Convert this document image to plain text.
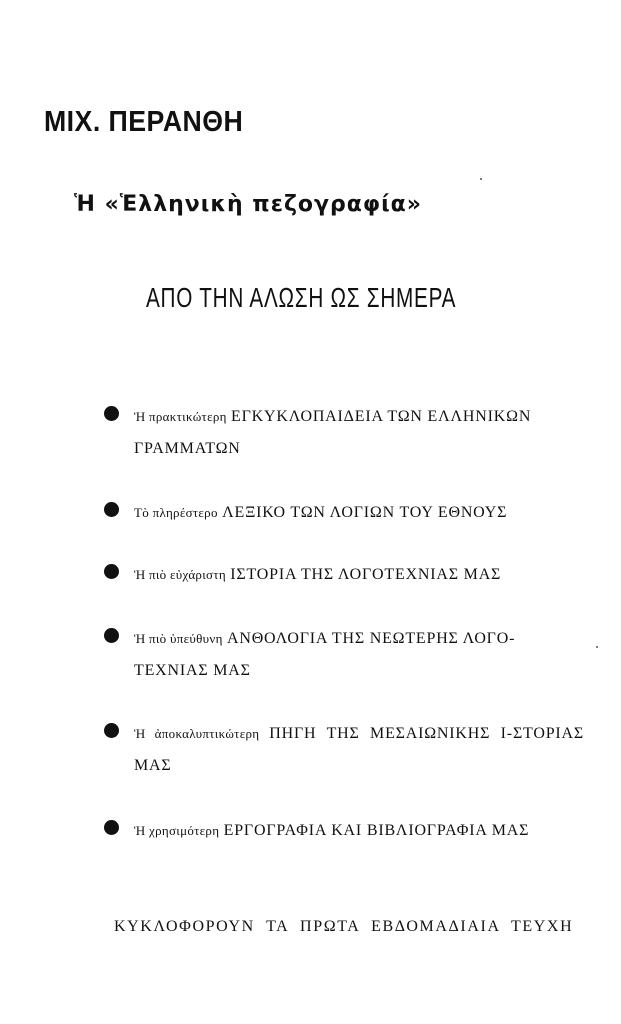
ΜΙΧ. ΠΕΡΑΝΘΗ
Ἡ «Ἑλληνικὴ πεζογραφία»
ΑΠΟ ΤΗΝ ΑΛΩΣΗ ΩΣ ΣΗΜΕΡΑ
Ἡ πρακτικώτερη ΕΓΚΥΚΛΟΠΑΙΔΕΙΑ ΤΩΝ ΕΛΛΗΝΙΚΩΝ ΓΡΑΜΜΑΤΩΝ
Τὸ πληρέστερο ΛΕΞΙΚΟ ΤΩΝ ΛΟΓΙΩΝ ΤΟΥ ΕΘΝΟΥΣ
Ἡ πιὸ εὐχάριστη ΙΣΤΟΡΙΑ ΤΗΣ ΛΟΓΟΤΕΧΝΙΑΣ ΜΑΣ
Ἡ πιὸ ὑπεύθυνη ΑΝΘΟΛΟΓΙΑ ΤΗΣ ΝΕΩΤΕΡΗΣ ΛΟΓΟ-ΤΕΧΝΙΑΣ ΜΑΣ
Ἡ ἀποκαλυπτικώτερη ΠΗΓΗ ΤΗΣ ΜΕΣΑΙΩΝΙΚΗΣ Ι-ΣΤΟΡΙΑΣ ΜΑΣ
Ἡ χρησιμότερη ΕΡΓΟΓΡΑΦΙΑ ΚΑΙ ΒΙΒΛΙΟΓΡΑΦΙΑ ΜΑΣ
ΚΥΚΛΟΦΟΡΟΥΝ ΤΑ ΠΡΩΤΑ ΕΒΔΟΜΑΔΙΑΙΑ ΤΕΥΧΗ
